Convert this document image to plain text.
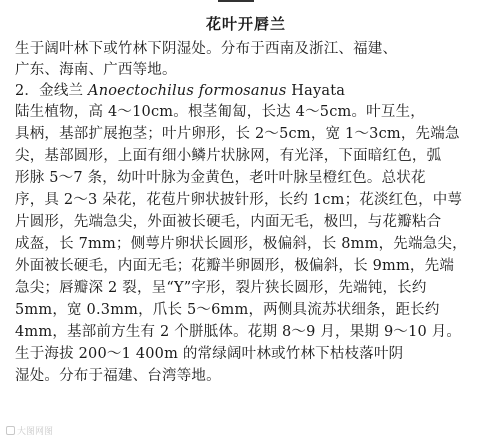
花叶开唇兰
生于阔叶林下或竹林下阴湿处。分布于西南及浙江、福建、
广东、海南、广西等地。
2．金线兰 Anoectochilus formosanus Hayata
陆生植物，高 4～10cm。根茎匍匐，长达 4～5cm。叶互生，
具柄，基部扩展抱茎；叶片卵形，长 2～5cm，宽 1～3cm，先端急
尖，基部圆形，上面有细小鳞片状脉网，有光泽，下面暗红色，弧
形脉 5～7 条，幼叶叶脉为金黄色，老叶叶脉呈橙红色。总状花
序，具 2～3 朵花，花苞片卵状披针形，长约 1cm；花淡红色，中萼
片圆形，先端急尖，外面被长硬毛，内面无毛，极凹，与花瓣粘合
成盔，长 7mm；侧萼片卵状长圆形，极偏斜，长 8mm，先端急尖，
外面被长硬毛，内面无毛；花瓣半卵圆形，极偏斜，长 9mm，先端
急尖；唇瓣深 2 裂，呈“Y”字形，裂片狭长圆形，先端钝，长约
5mm，宽 0.3mm，爪长 5～6mm，两侧具流苏状细条，距长约
4mm，基部前方生有 2 个胼胝体。花期 8～9 月，果期 9～10 月。
生于海拔 200～1 400m 的常绿阔叶林或竹林下枯枝落叶阴
湿处。分布于福建、台湾等地。
大图网图
